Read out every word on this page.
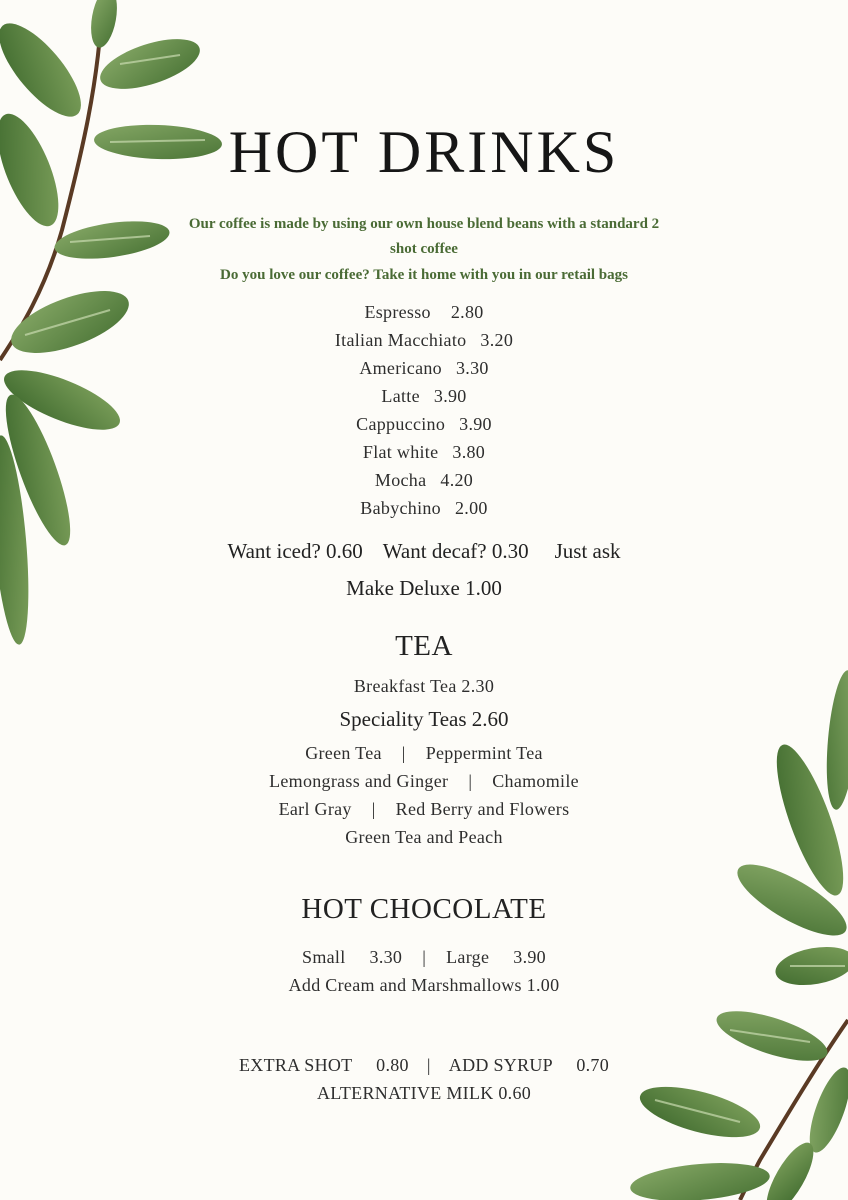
HOT DRINKS
Our coffee is made by using our own house blend beans with a standard 2
shot coffee
Do you love our coffee? Take it home with you in our retail bags
Espresso 2.80
Italian Macchiato 3.20
Americano 3.30
Latte 3.90
Cappuccino 3.90
Flat white 3.80
Mocha 4.20
Babychino 2.00
Want iced? 0.60 Want decaf? 0.30 Just ask
Make Deluxe 1.00
TEA
Breakfast Tea 2.30
Speciality Teas 2.60
Green Tea | Peppermint Tea
Lemongrass and Ginger | Chamomile
Earl Gray | Red Berry and Flowers
Green Tea and Peach
HOT CHOCOLATE
Small     3.30 | Large     3.90
Add Cream and Marshmallows 1.00
EXTRA SHOT     0.80 | ADD SYRUP     0.70
ALTERNATIVE MILK 0.60
